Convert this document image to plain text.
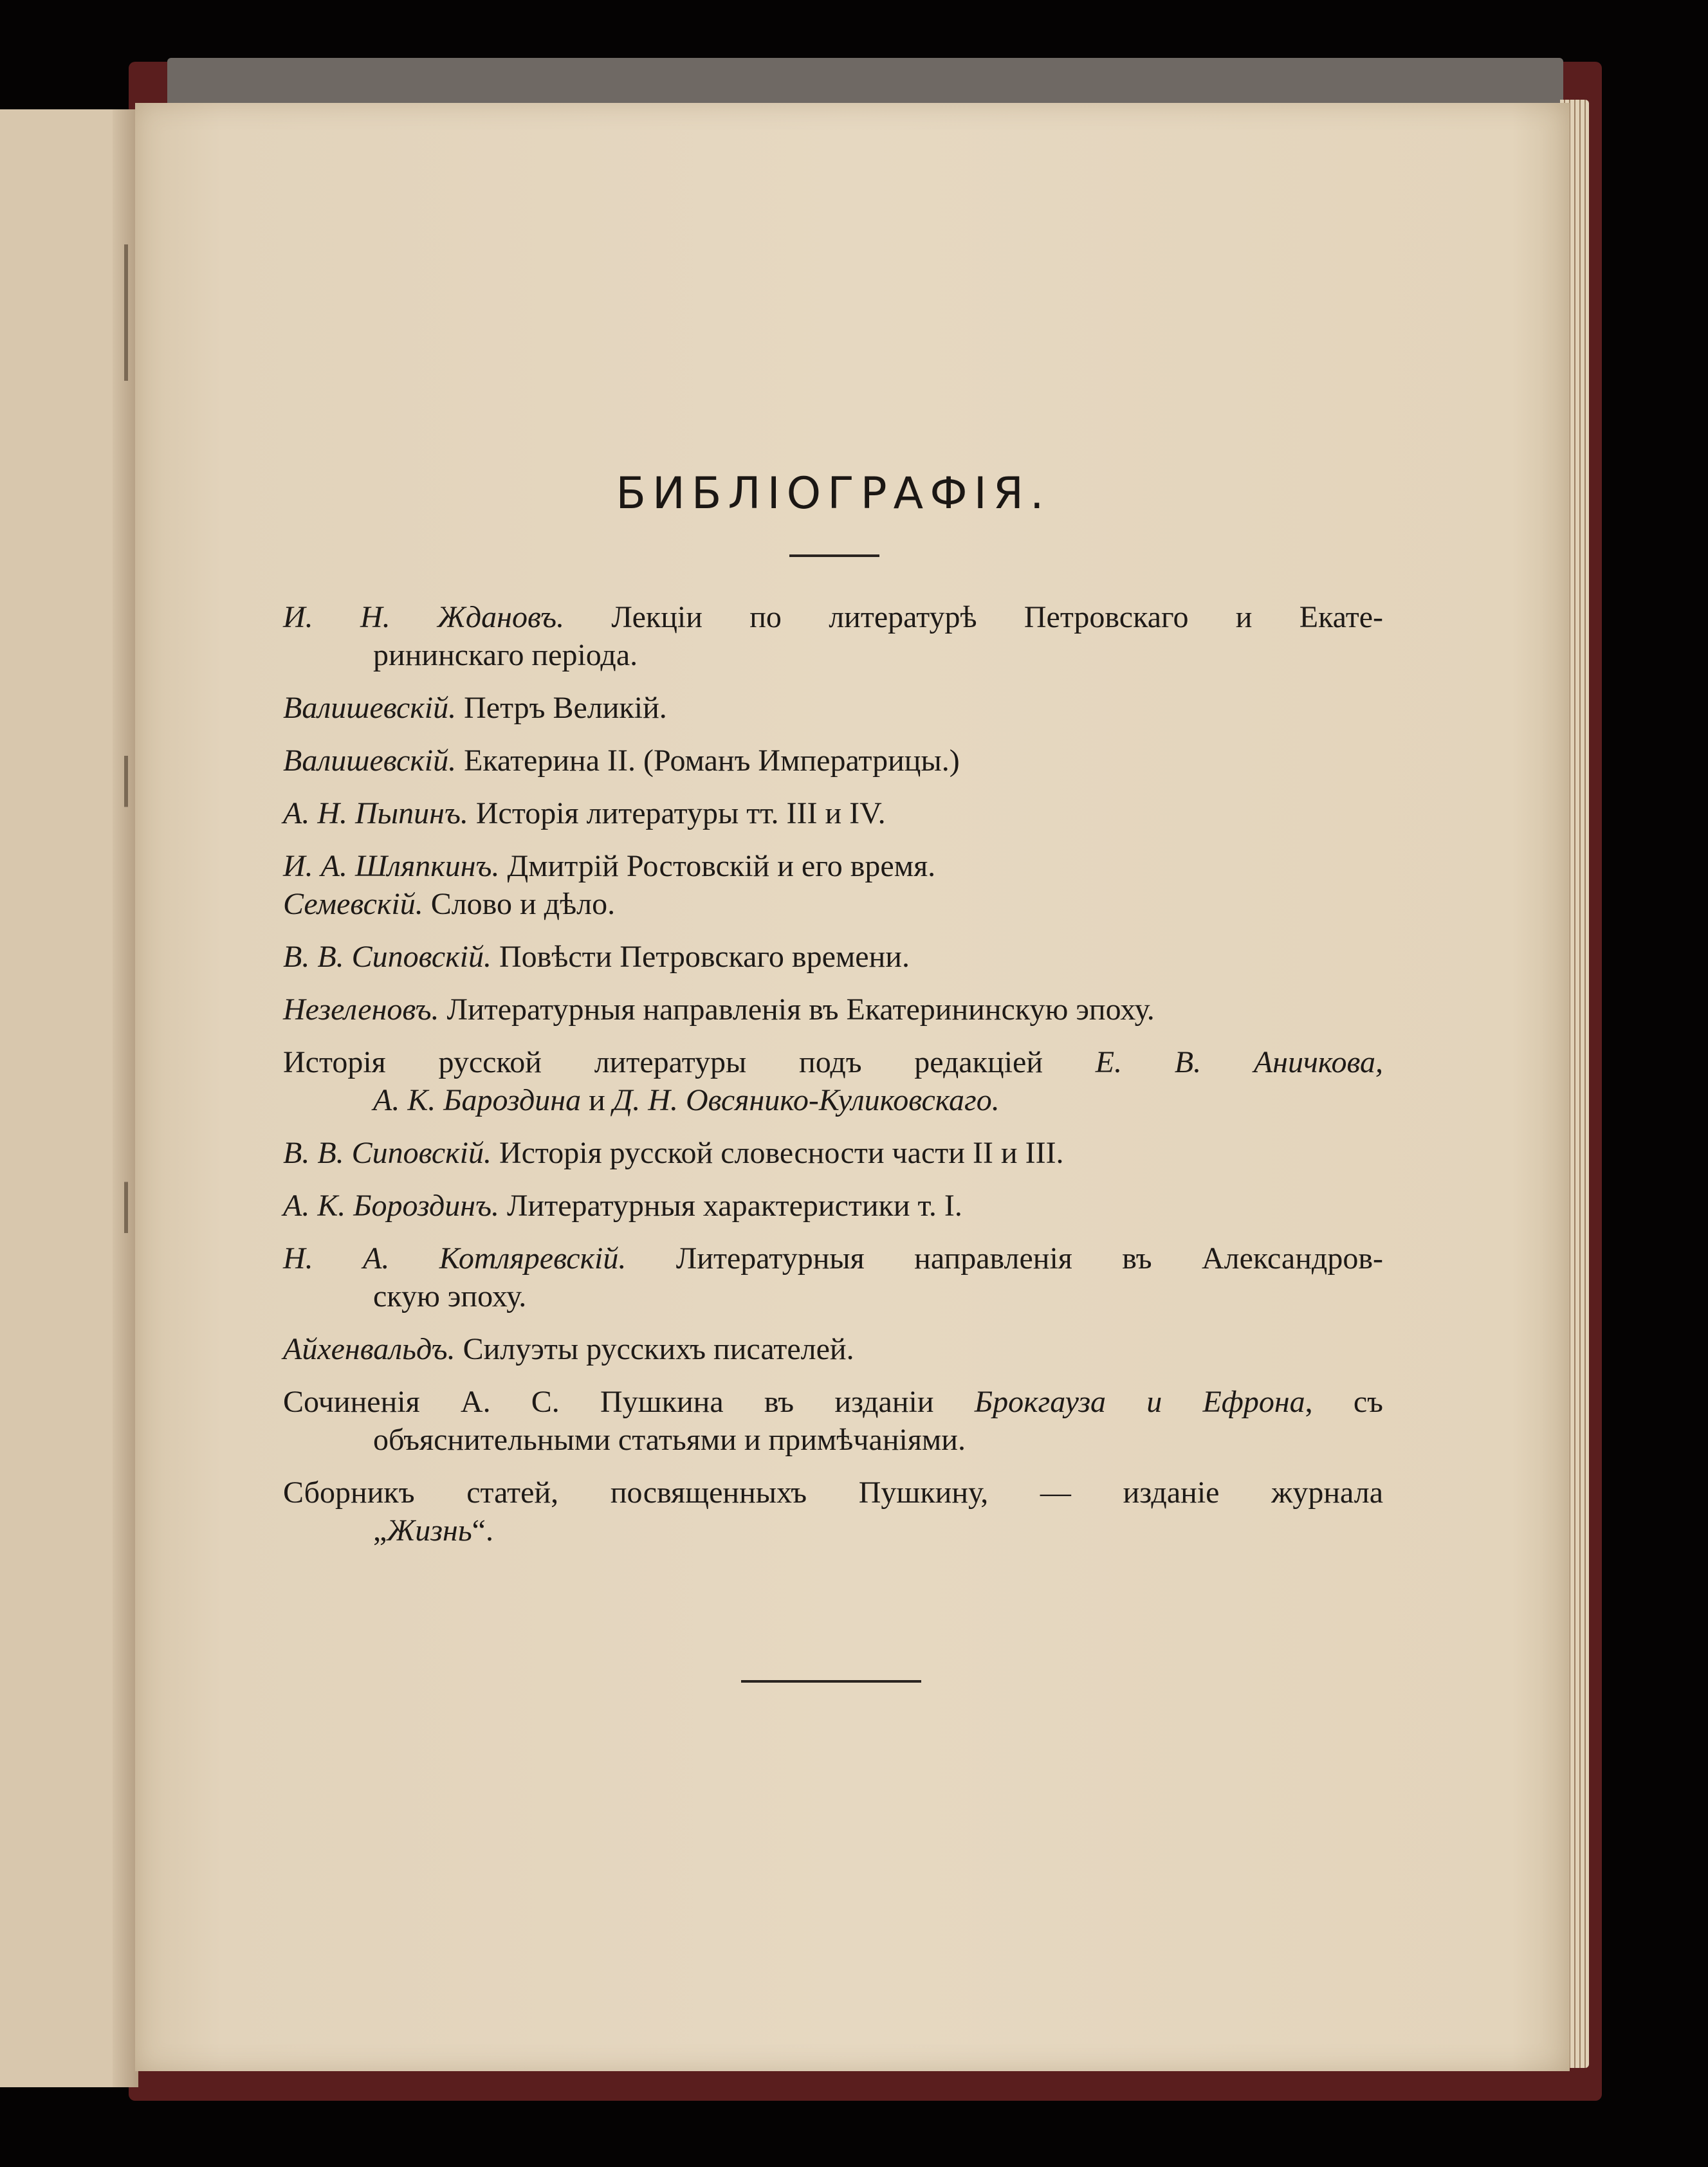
БИБЛІОГРАФІЯ.
И. Н. Ждановъ. Лекціи по литературѣ Петровскаго и Екате-
рининскаго періода.
Валишевскій. Петръ Великій.
Валишевскій. Екатерина II. (Романъ Императрицы.)
А. Н. Пыпинъ. Исторія литературы тт. III и IV.
И. А. Шляпкинъ. Дмитрій Ростовскій и его время.
Семевскій. Слово и дѣло.
В. В. Сиповскій. Повѣсти Петровскаго времени.
Незеленовъ. Литературныя направленія въ Екатерининскую эпоху.
Исторія русской литературы подъ редакціей Е. В. Аничкова,
А. К. Бароздина и Д. Н. Овсянико-Куликовскаго.
В. В. Сиповскій. Исторія русской словесности части II и III.
А. К. Бороздинъ. Литературныя характеристики т. I.
Н. А. Котляревскій. Литературныя направленія въ Александров-
скую эпоху.
Айхенвальдъ. Силуэты русскихъ писателей.
Сочиненія А. С. Пушкина въ изданіи Брокгауза и Ефрона, съ
объяснительными статьями и примѣчаніями.
Сборникъ статей, посвященныхъ Пушкину, — изданіе журнала
„Жизнь“.
